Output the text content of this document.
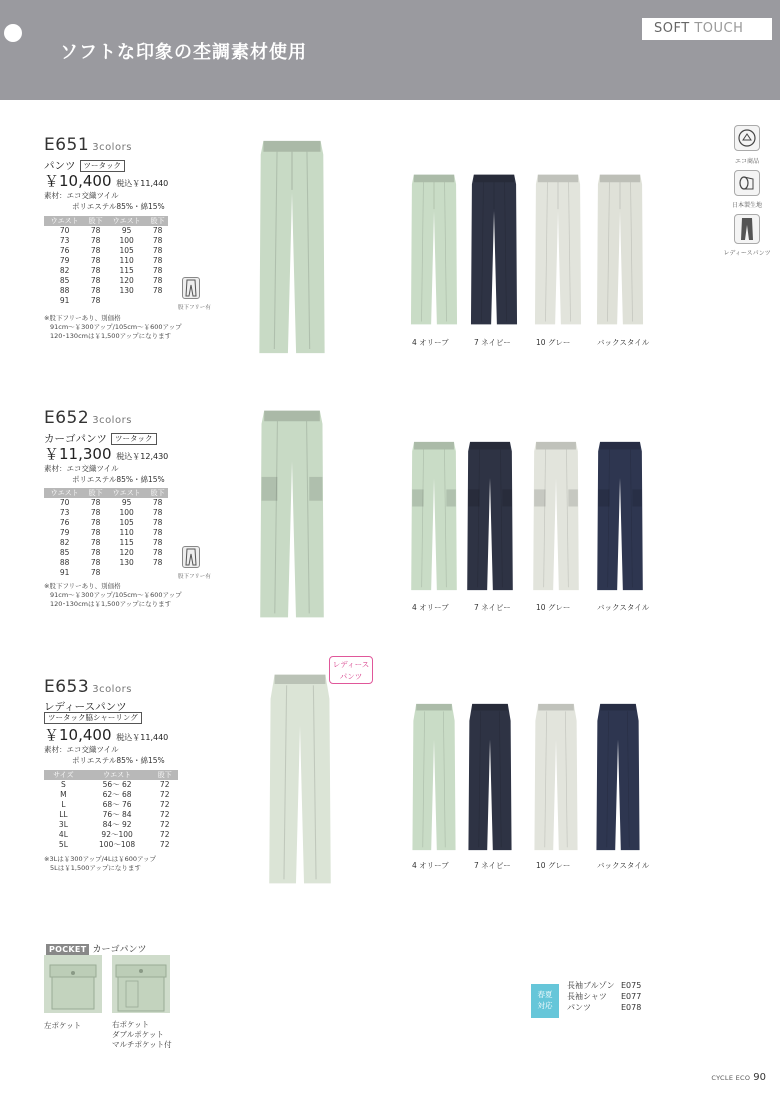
ソフトな印象の杢調素材使用
SOFT TOUCH
エコ商品
日本製生地
レディースパンツ
E651 3colors
パンツ ツータック
￥10,400 税込￥11,440
素材：エコ交織ツイル
ポリエステル85%・綿15%
ウエスト	股下	ウエスト	股下
70	78	95	78
73	78	100	78
76	78	105	78
79	78	110	78
82	78	115	78
85	78	120	78
88	78	130	78
91	78		
股下フリー有
※股下フリーあり、別価格
91cm～￥300アップ/105cm～￥600アップ
120･130cmは￥1,500アップになります
4 オリーブ	7 ネイビー	10 グレー	バックスタイル
E652 3colors
カーゴパンツ ツータック
￥11,300 税込￥12,430
素材：エコ交織ツイル
ポリエステル85%・綿15%
ウエスト	股下	ウエスト	股下
70	78	95	78
73	78	100	78
76	78	105	78
79	78	110	78
82	78	115	78
85	78	120	78
88	78	130	78
91	78			股下フリー有
※股下フリーあり、別価格
91cm～￥300アップ/105cm～￥600アップ
120･130cmは￥1,500アップになります	4 オリーブ	7 ネイビー	10 グレー	バックスタイル
E653 3colors
レディースパンツ
ツータック脇シャーリング
￥10,400 税込￥11,440
素材：エコ交織ツイル
ポリエステル85%・綿15%
サイズ	ウエスト	股下
S	56～ 62	72
M	62～ 68	72
L	68～ 76	72
LL	76～ 84	72
3L	84～ 92	72
4L	92～100	72
5L	100～108	72
※3Lは￥300アップ/4Lは￥600アップ
5Lは￥1,500アップになります
レディース
パンツ
4 オリーブ	7 ネイビー	10 グレー	バックスタイル
POCKET カーゴパンツ
左ポケット	右ポケット
ダブルポケット
マルチポケット付
春夏
対応
長袖ブルゾン E075
長袖シャツ E077
パンツ	E078
CYCLE ECO 90
